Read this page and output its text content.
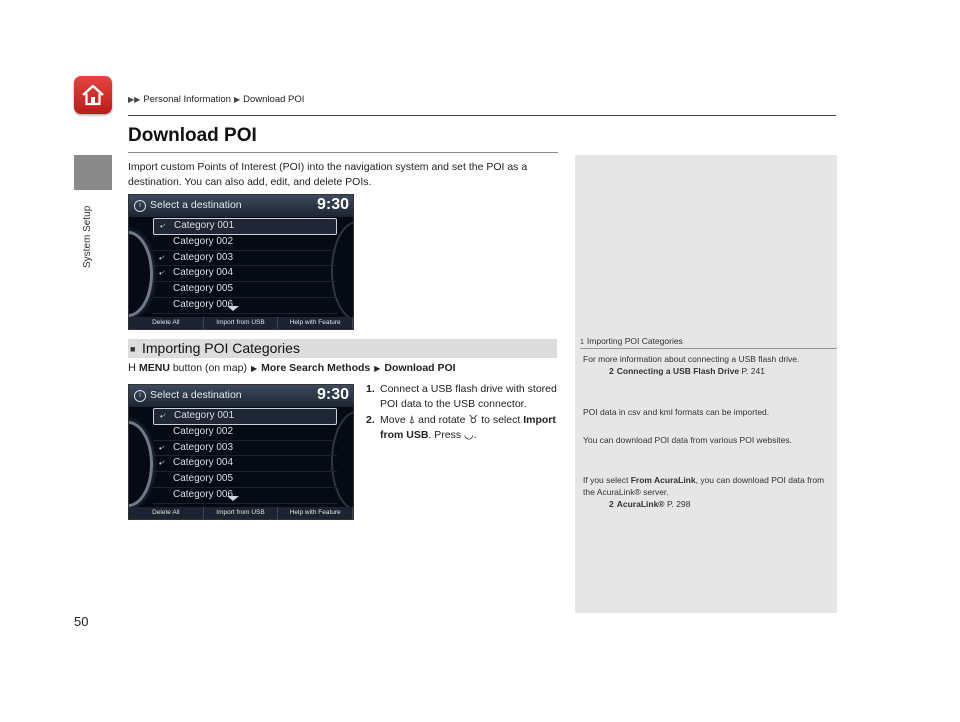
System Setup
▶▶ Personal Information ▶ Download POI
Download POI
Import custom Points of Interest (POI) into the navigation system and set the POI as a destination. You can also add, edit, and delete POIs.
i Select a destination	9:30
•ᐟ Category 001
Category 002
•ᐟ Category 003
•ᐟ Category 004
Category 005
Category 006
Delete All	Import from USB	Help with Feature
■ Importing POI Categories
H MENU
button (on map) ▶ More Search Methods ▶ Download POI
i Select a destination	9:30
•ᐟ Category 001
Category 002
•ᐟ Category 003
•ᐟ Category 004
Category 005
Category 006
Delete All	Import from USB	Help with Feature
1. Connect a USB flash drive with stored POI data to the USB connector.
2. Move ⍋ and rotate ♉ to select Import from USB. Press ◡.
1 Importing POI Categories
For more information about connecting a USB flash drive.
2 Connecting a USB Flash Drive P. 241
POI data in csv and kml formats can be imported.
You can download POI data from various POI websites.
If you select From AcuraLink, you can download POI data from the AcuraLink® server.
2 AcuraLink® P. 298
50
